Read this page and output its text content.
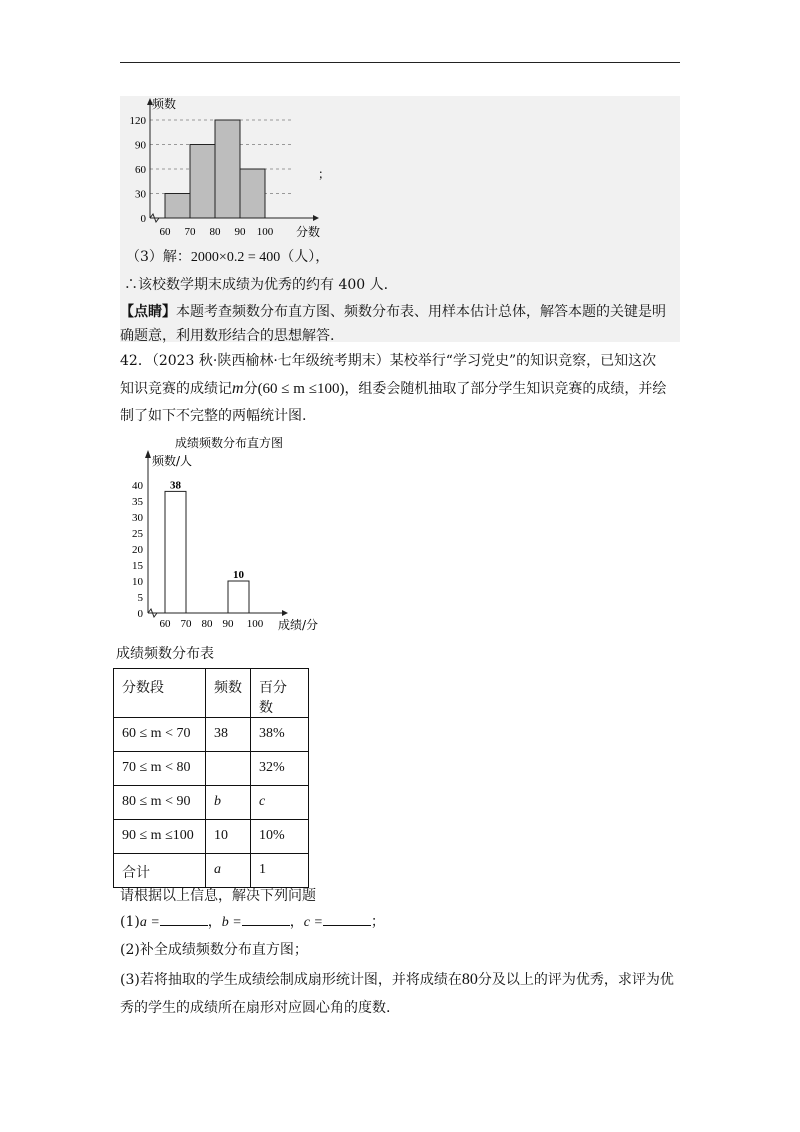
0
30
60
90
120
60 70 80 90 100
频数
分数
；
（3）解：2000×0.2 = 400（人），
∴该校数学期末成绩为优秀的约有 400 人.
【点睛】本题考查频数分布直方图、频数分布表、用样本估计总体，解答本题的关键是明
确题意，利用数形结合的思想解答.
42．（2023 秋·陕西榆林·七年级统考期末）某校举行“学习党史”的知识竞察，已知这次
知识竞赛的成绩记m分(60 ≤ m ≤100)，组委会随机抽取了部分学生知识竞赛的成绩，并绘
制了如下不完整的两幅统计图.
成绩频数分布直方图
38
10
0
5
10
15
20
25
30
35
40
60 70 80 90 100
频数/人
成绩/分
成绩频数分布表
分数段	频数	百分数
60 ≤ m < 70	38	38%
70 ≤ m < 80		32%
80 ≤ m < 90	b	c
90 ≤ m ≤100	10	10%
合计	a	1
请根据以上信息，解决下列问题
(1)a =	，b =	，c =	；
(2)补全成绩频数分布直方图；
(3)若将抽取的学生成绩绘制成扇形统计图，并将成绩在80分及以上的评为优秀，求评为优
秀的学生的成绩所在扇形对应圆心角的度数.
